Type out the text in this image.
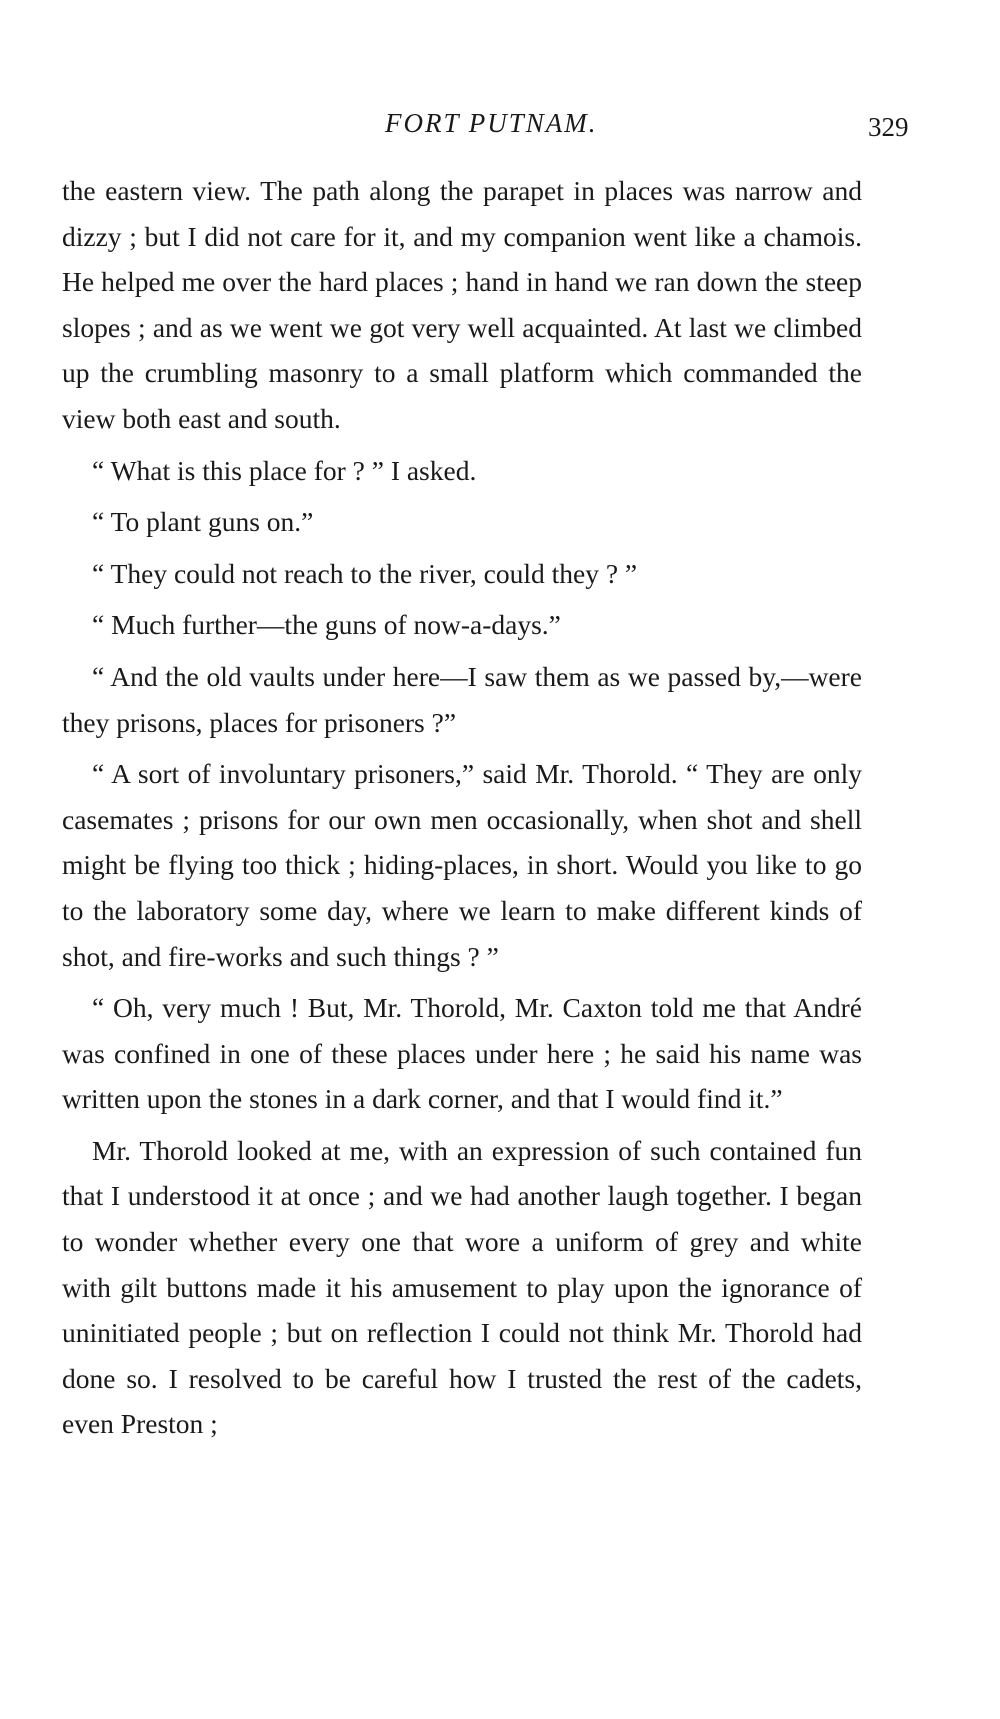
FORT PUTNAM.	329

the eastern view. The path along the parapet in places was narrow and dizzy ; but I did not care for it, and my companion went like a chamois. He helped me over the hard places ; hand in hand we ran down the steep slopes ; and as we went we got very well acquainted. At last we climbed up the crumbling masonry to a small platform which commanded the view both east and south.

“ What is this place for ? ” I asked.

“ To plant guns on.”

“ They could not reach to the river, could they ? ”

“ Much further—the guns of now-a-days.”

“ And the old vaults under here—I saw them as we passed by,—were they prisons, places for prisoners ?”

“ A sort of involuntary prisoners,” said Mr. Thorold. “ They are only casemates ; prisons for our own men occasionally, when shot and shell might be flying too thick ; hiding-places, in short. Would you like to go to the laboratory some day, where we learn to make different kinds of shot, and fire-works and such things ? ”

“ Oh, very much ! But, Mr. Thorold, Mr. Caxton told me that André was confined in one of these places under here ; he said his name was written upon the stones in a dark corner, and that I would find it.”

Mr. Thorold looked at me, with an expression of such contained fun that I understood it at once ; and we had another laugh together. I began to wonder whether every one that wore a uniform of grey and white with gilt buttons made it his amusement to play upon the ignorance of uninitiated people ; but on reflection I could not think Mr. Thorold had done so. I resolved to be careful how I trusted the rest of the cadets, even Preston ;
